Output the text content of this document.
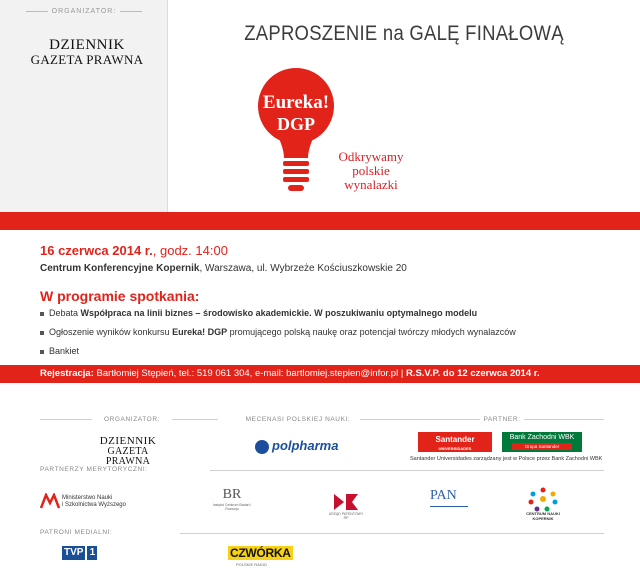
ORGANIZATOR:
DZIENNIK
GAZETA PRAWNA
ZAPROSZENIE na GALĘ FINAŁOWĄ
Eureka!
DGP
Odkrywamy
polskie
wynalazki
16 czerwca 2014 r., godz. 14:00
Centrum Konferencyjne Kopernik, Warszawa, ul. Wybrzeże Kościuszkowskie 20
W programie spotkania:
Debata Współpraca na linii biznes – środowisko akademickie. W poszukiwaniu optymalnego modelu
Ogłoszenie wyników konkursu Eureka! DGP promującego polską naukę oraz potencjał twórczy młodych wynalazców
Bankiet
Rejestracja: Bartłomiej Stępień, tel.: 519 061 304, e-mail: bartlomiej.stepien@infor.pl | R.S.V.P. do 12 czerwca 2014 r.
ORGANIZATOR:	MECENASI POLSKIEJ NAUKI:	PARTNER:
DZIENNIK
GAZETA PRAWNA
polpharma	Santander
UNIVERSIDADES
Bank Zachodni WBK
Grupa Santander
Santander Universidades zarządzany jest w Polsce przez Bank Zachodni WBK
PARTNERZY MERYTORYCZNI:
Ministerstwo Nauki
i Szkolnictwa Wyższego
BR
Instytut Centrum Badań i Rozwoju
URZĄD PATENTOWY RP
PAN
CENTRUM NAUKI KOPERNIK
PATRONI MEDIALNI:
TVP 1	CZWÓRKA
POLSKIE RADIO
